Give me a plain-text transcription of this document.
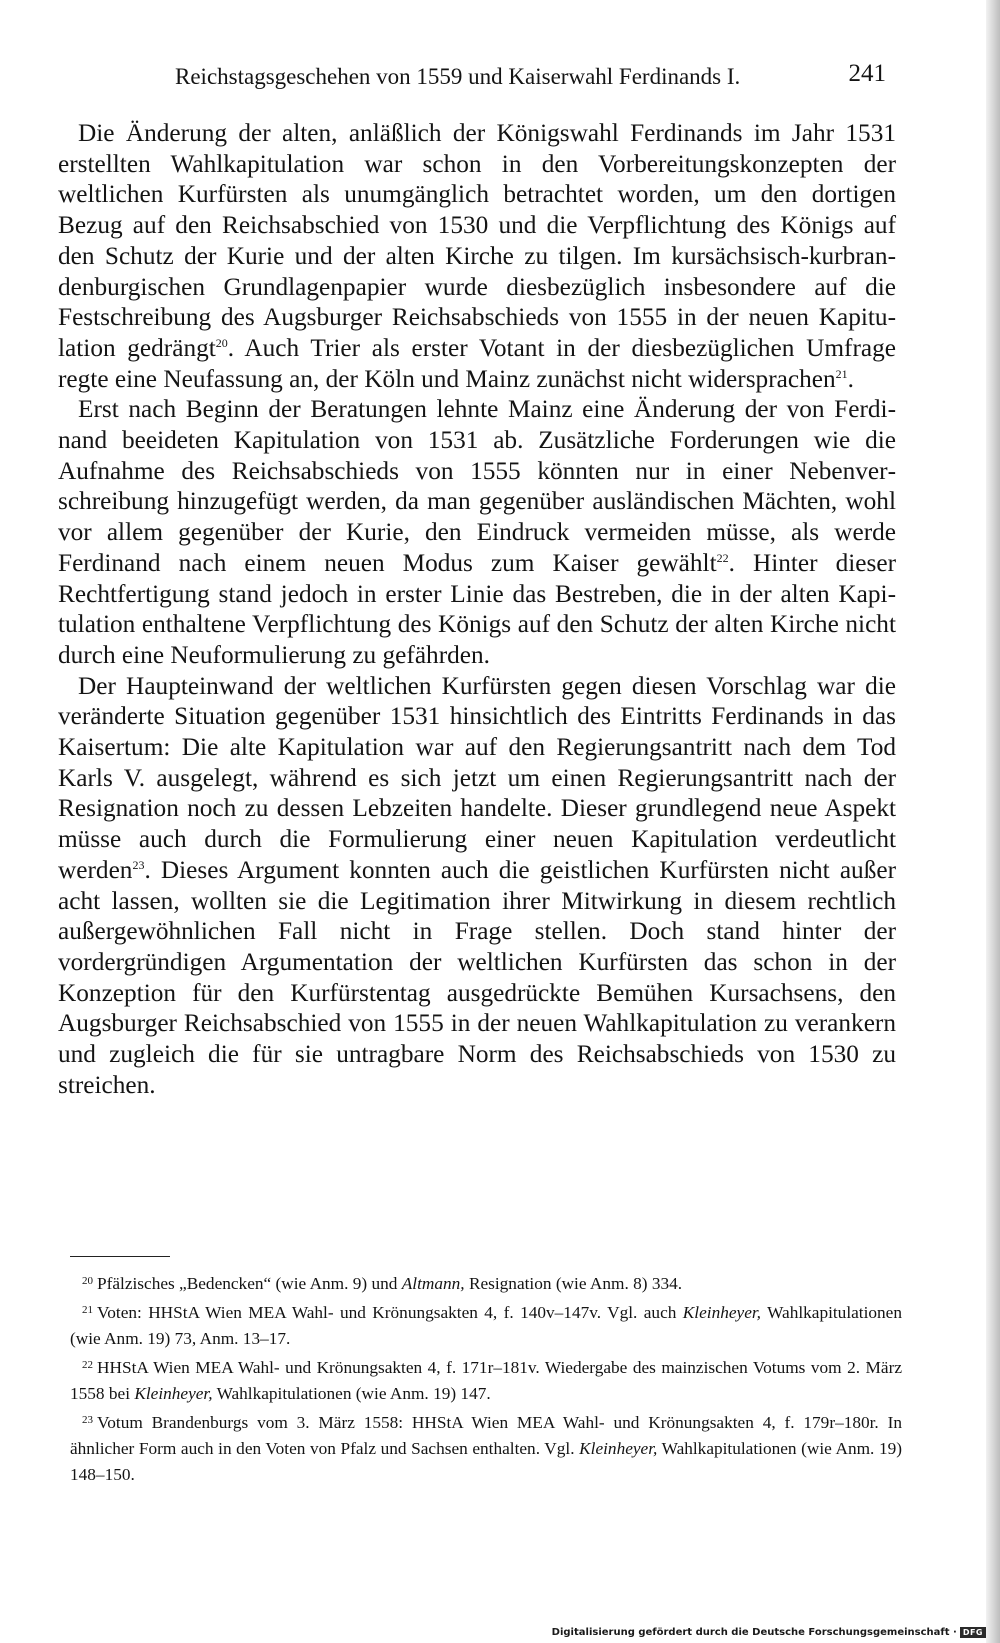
Reichstagsgeschehen von 1559 und Kaiserwahl Ferdinands I.	241

Die Änderung der alten, anläßlich der Königswahl Ferdinands im Jahr 1531 erstellten Wahlkapitulation war schon in den Vorbereitungskonzepten der weltlichen Kurfürsten als unumgänglich betrachtet worden, um den dortigen Bezug auf den Reichsabschied von 1530 und die Verpflichtung des Königs auf den Schutz der Kurie und der alten Kirche zu tilgen. Im kursächsisch-kurbrandenburgischen Grundlagenpapier wurde diesbezüglich insbesondere auf die Festschreibung des Augsburger Reichsabschieds von 1555 in der neuen Kapitulation gedrängt$^{20}$. Auch Trier als erster Votant in der diesbezüglichen Umfrage regte eine Neufassung an, der Köln und Mainz zunächst nicht widersprachen$^{21}$.

Erst nach Beginn der Beratungen lehnte Mainz eine Änderung der von Ferdinand beeideten Kapitulation von 1531 ab. Zusätzliche Forderungen wie die Aufnahme des Reichsabschieds von 1555 könnten nur in einer Nebenverschreibung hinzugefügt werden, da man gegenüber ausländischen Mächten, wohl vor allem gegenüber der Kurie, den Eindruck vermeiden müsse, als werde Ferdinand nach einem neuen Modus zum Kaiser gewählt$^{22}$. Hinter dieser Rechtfertigung stand jedoch in erster Linie das Bestreben, die in der alten Kapitulation enthaltene Verpflichtung des Königs auf den Schutz der alten Kirche nicht durch eine Neuformulierung zu gefährden.

Der Haupteinwand der weltlichen Kurfürsten gegen diesen Vorschlag war die veränderte Situation gegenüber 1531 hinsichtlich des Eintritts Ferdinands in das Kaisertum: Die alte Kapitulation war auf den Regierungsantritt nach dem Tod Karls V. ausgelegt, während es sich jetzt um einen Regierungsantritt nach der Resignation noch zu dessen Lebzeiten handelte. Dieser grundlegend neue Aspekt müsse auch durch die Formulierung einer neuen Kapitulation verdeutlicht werden$^{23}$. Dieses Argument konnten auch die geistlichen Kurfürsten nicht außer acht lassen, wollten sie die Legitimation ihrer Mitwirkung in diesem rechtlich außergewöhnlichen Fall nicht in Frage stellen. Doch stand hinter der vordergründigen Argumentation der weltlichen Kurfürsten das schon in der Konzeption für den Kurfürstentag ausgedrückte Bemühen Kursachsens, den Augsburger Reichsabschied von 1555 in der neuen Wahlkapitulation zu verankern und zugleich die für sie untragbare Norm des Reichsabschieds von 1530 zu streichen.

$^{20}$ Pfälzisches „Bedencken“ (wie Anm. 9) und Altmann, Resignation (wie Anm. 8) 334.

$^{21}$ Voten: HHStA Wien MEA Wahl- und Krönungsakten 4, f. 140v–147v. Vgl. auch Kleinheyer, Wahlkapitulationen (wie Anm. 19) 73, Anm. 13–17.

$^{22}$ HHStA Wien MEA Wahl- und Krönungsakten 4, f. 171r–181v. Wiedergabe des mainzischen Votums vom 2. März 1558 bei Kleinheyer, Wahlkapitulationen (wie Anm. 19) 147.

$^{23}$ Votum Brandenburgs vom 3. März 1558: HHStA Wien MEA Wahl- und Krönungsakten 4, f. 179r–180r. In ähnlicher Form auch in den Voten von Pfalz und Sachsen enthalten. Vgl. Kleinheyer, Wahlkapitulationen (wie Anm. 19) 148–150.

Digitalisierung gefördert durch die Deutsche Forschungsgemeinschaft · DFG
